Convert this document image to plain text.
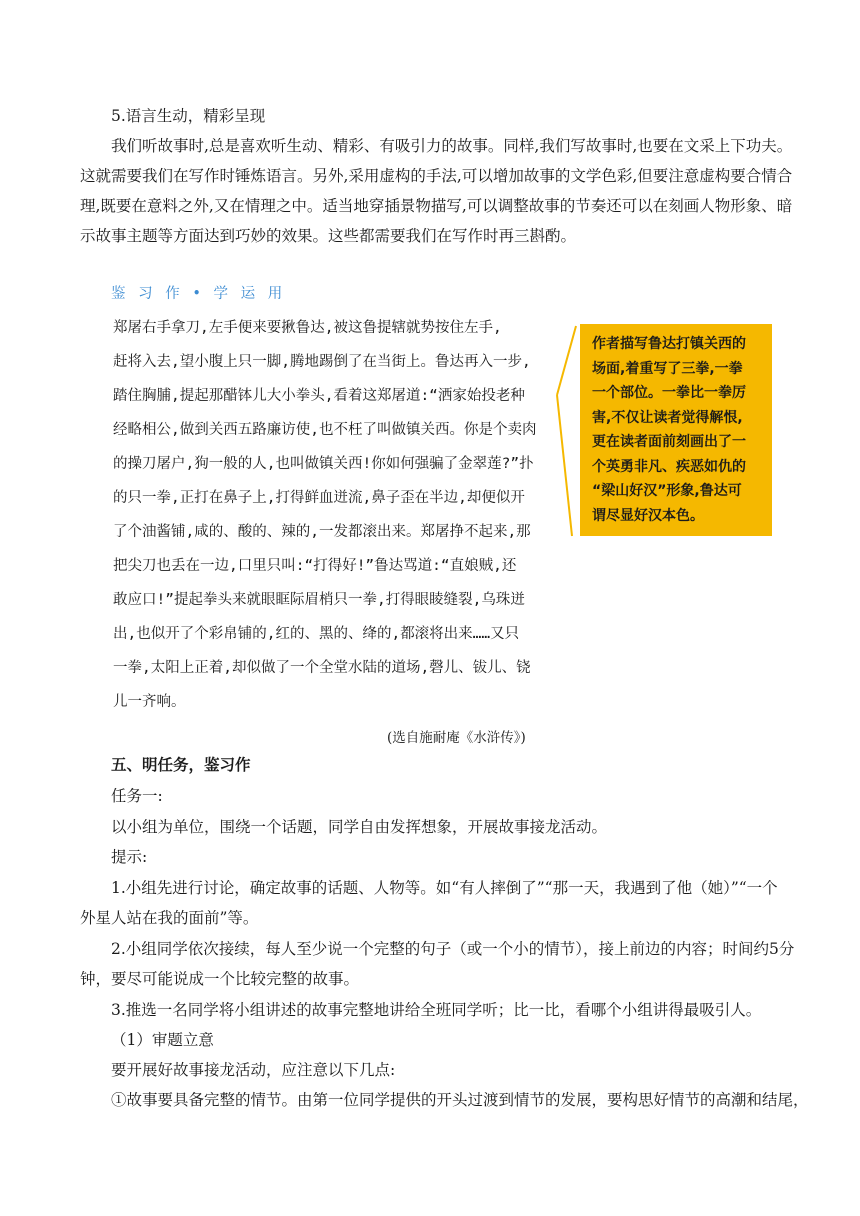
5.语言生动，精彩呈现
我们听故事时,总是喜欢听生动、精彩、有吸引力的故事。同样,我们写故事时,也要在文采上下功夫。
这就需要我们在写作时锤炼语言。另外,采用虚构的手法,可以增加故事的文学色彩,但要注意虚构要合情合
理,既要在意料之外,又在情理之中。适当地穿插景物描写,可以调整故事的节奏还可以在刻画人物形象、暗
示故事主题等方面达到巧妙的效果。这些都需要我们在写作时再三斟酌。
鉴 习 作 • 学 运 用
郑屠右手拿刀,左手便来要揪鲁达,被这鲁提辖就势按住左手,
赶将入去,望小腹上只一脚,腾地踢倒了在当街上。鲁达再入一步,
踏住胸脯,提起那醋钵儿大小拳头,看着这郑屠道:“洒家始投老种
经略相公,做到关西五路廉访使,也不枉了叫做镇关西。你是个卖肉
的操刀屠户,狗一般的人,也叫做镇关西!你如何强骗了金翠莲?”扑
的只一拳,正打在鼻子上,打得鲜血迸流,鼻子歪在半边,却便似开
了个油酱铺,咸的、酸的、辣的,一发都滚出来。郑屠挣不起来,那
把尖刀也丢在一边,口里只叫:“打得好!”鲁达骂道:“直娘贼,还
敢应口!”提起拳头来就眼眶际眉梢只一拳,打得眼睖缝裂,乌珠迸
出,也似开了个彩帛铺的,红的、黑的、绛的,都滚将出来……又只
一拳,太阳上正着,却似做了一个全堂水陆的道场,磬儿、钹儿、铙
儿一齐响。
(选自施耐庵《水浒传》)
作者描写鲁达打镇关西的
场面,着重写了三拳,一拳
一个部位。一拳比一拳厉
害,不仅让读者觉得解恨,
更在读者面前刻画出了一
个英勇非凡、疾恶如仇的
“梁山好汉”形象,鲁达可
谓尽显好汉本色。
五、明任务，鉴习作
任务一:
以小组为单位，围绕一个话题，同学自由发挥想象，开展故事接龙活动。
提示:
1.小组先进行讨论，确定故事的话题、人物等。如“有人摔倒了”“那一天，我遇到了他（她）”“一个
外星人站在我的面前”等。
2.小组同学依次接续，每人至少说一个完整的句子（或一个小的情节），接上前边的内容；时间约5分
钟，要尽可能说成一个比较完整的故事。
3.推选一名同学将小组讲述的故事完整地讲给全班同学听；比一比，看哪个小组讲得最吸引人。
（1）审题立意
要开展好故事接龙活动，应注意以下几点:
①故事要具备完整的情节。由第一位同学提供的开头过渡到情节的发展，要构思好情节的高潮和结尾，
